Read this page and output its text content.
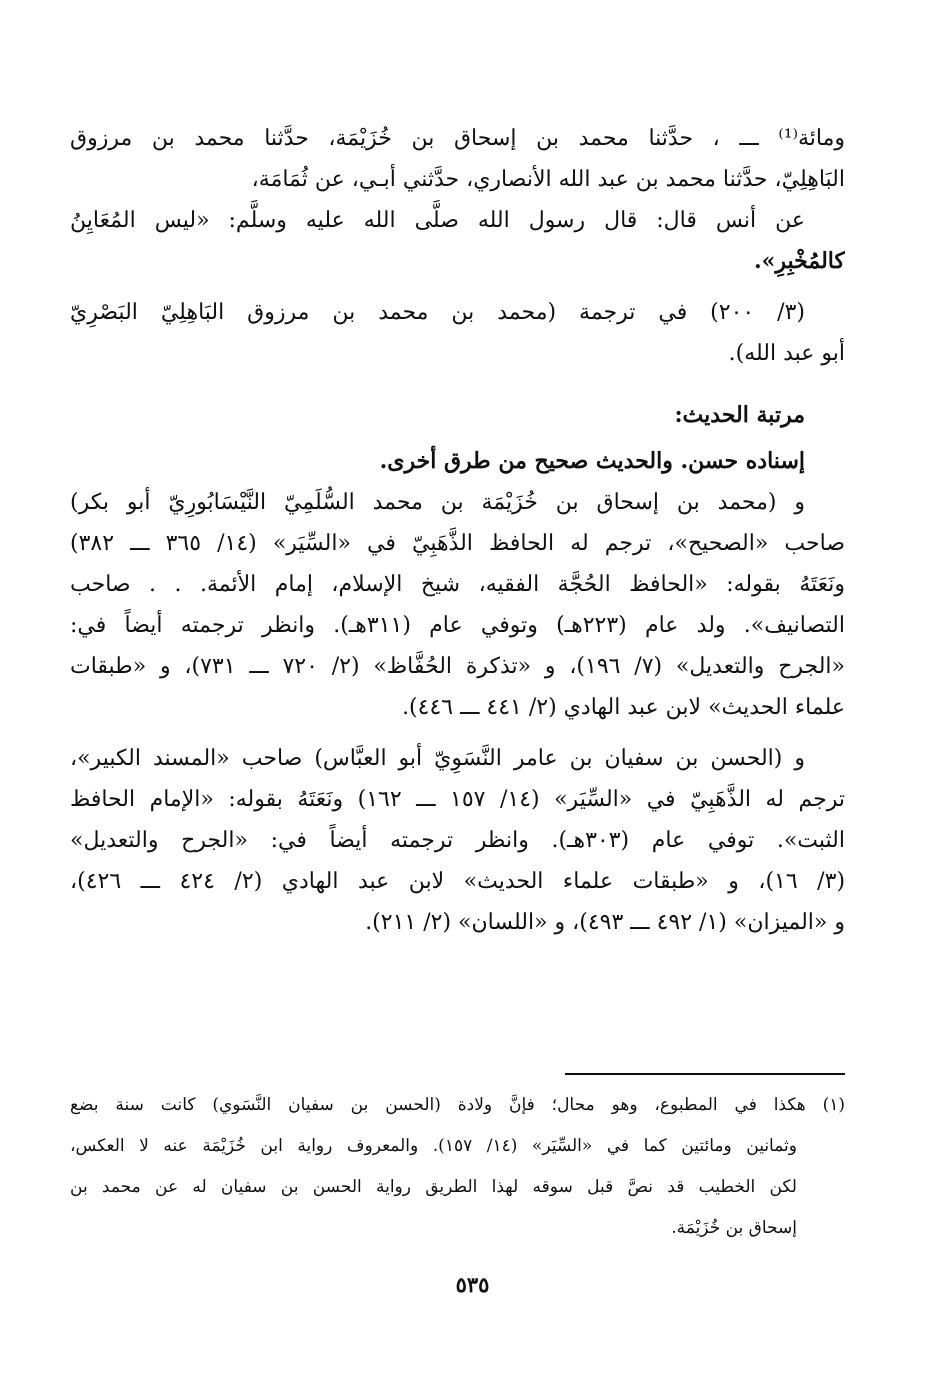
ومائة⁽¹⁾ ـــ ، حدَّثنا محمد بن إسحاق بن خُزَيْمَة، حدَّثنا محمد بن مرزوق
البَاهِلِيّ، حدَّثنا محمد بن عبد الله الأنصاري، حدَّثني أبـي، عن ثُمَامَة،
عن أنس قال: قال رسول الله صلَّى الله عليه وسلَّم: «ليس المُعَايِنُ
كالمُخْبِرِ».
(٣/ ٢٠٠) في ترجمة (محمد بن محمد بن مرزوق البَاهِلِيّ البَصْرِيّ
أبو عبد الله).
مرتبة الحديث:
إسناده حسن. والحديث صحيح من طرق أخرى.
و (محمد بن إسحاق بن خُزَيْمَة بن محمد السُّلَمِيّ النَّيْسَابُورِيّ أبو بكر)
صاحب «الصحيح»، ترجم له الحافظ الذَّهَبِيّ في «السِّيَر» (١٤/ ٣٦٥ ـــ ٣٨٢)
ونَعَتَهُ بقوله: «الحافظ الحُجَّة الفقيه، شيخ الإسلام، إمام الأئمة. . . صاحب
التصانيف». ولد عام (٢٢٣هـ) وتوفي عام (٣١١هـ). وانظر ترجمته أيضاً في:
«الجرح والتعديل» (٧/ ١٩٦)، و «تذكرة الحُفَّاظ» (٢/ ٧٢٠ ـــ ٧٣١)، و «طبقات
علماء الحديث» لابن عبد الهادي (٢/ ٤٤١ ـــ ٤٤٦).
و (الحسن بن سفيان بن عامر النَّسَوِيّ أبو العبَّاس) صاحب «المسند الكبير»،
ترجم له الذَّهَبِيّ في «السِّيَر» (١٤/ ١٥٧ ـــ ١٦٢) ونَعَتَهُ بقوله: «الإمام الحافظ
الثبت». توفي عام (٣٠٣هـ). وانظر ترجمته أيضاً في: «الجرح والتعديل»
(٣/ ١٦)، و «طبقات علماء الحديث» لابن عبد الهادي (٢/ ٤٢٤ ـــ ٤٢٦)،
و «الميزان» (١/ ٤٩٢ ـــ ٤٩٣)، و «اللسان» (٢/ ٢١١).
(١) هكذا في المطبوع، وهو محال؛ فإنَّ ولادة (الحسن بن سفيان النَّسَوي) كانت سنة بضع
وثمانين ومائتين كما في «السِّيَر» (١٤/ ١٥٧). والمعروف رواية ابن خُزَيْمَة عنه لا العكس،
لكن الخطيب قد نصَّ قبل سوقه لهذا الطريق رواية الحسن بن سفيان له عن محمد بن
إسحاق بن خُزَيْمَة.
٥٣٥
